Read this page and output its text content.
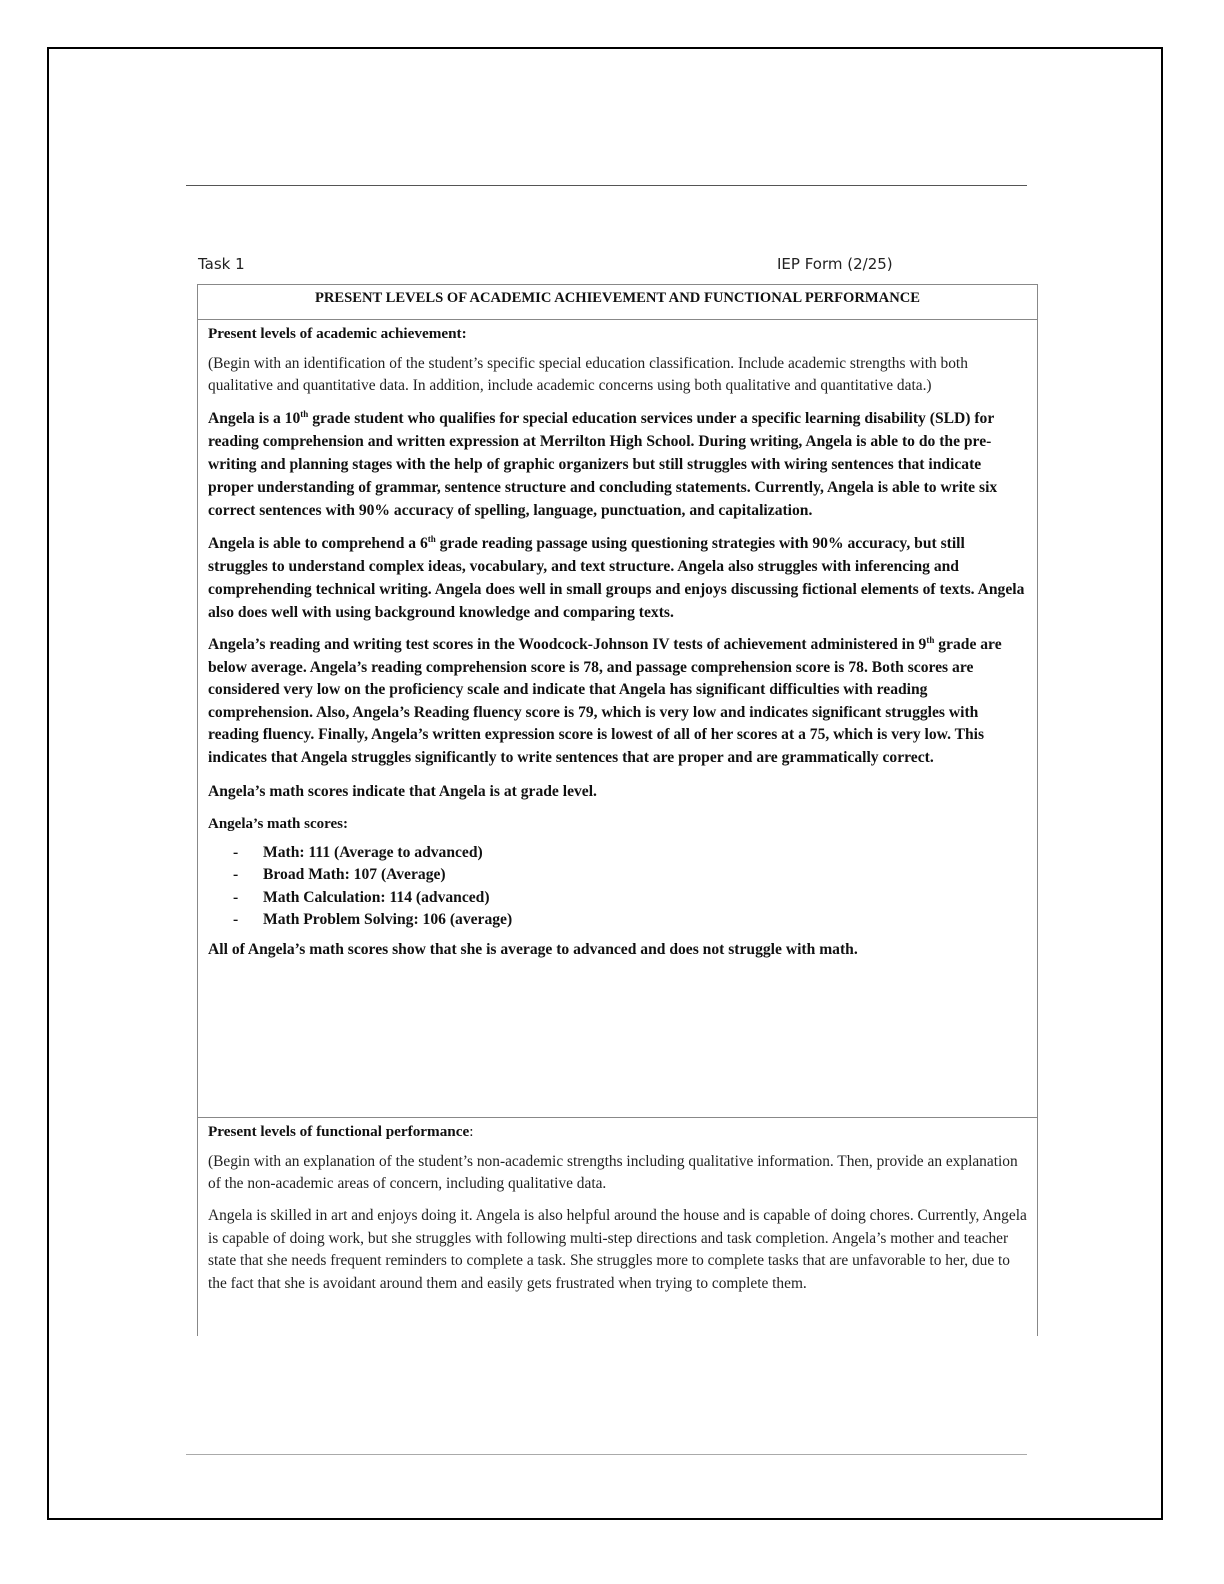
Task 1	IEP Form (2/25)
PRESENT LEVELS OF ACADEMIC ACHIEVEMENT AND FUNCTIONAL PERFORMANCE
Present levels of academic achievement:

(Begin with an identification of the student’s specific special education classification. Include academic strengths with both qualitative and quantitative data. In addition, include academic concerns using both qualitative and quantitative data.)

Angela is a 10th grade student who qualifies for special education services under a specific learning disability (SLD) for reading comprehension and written expression at Merrilton High School. During writing, Angela is able to do the pre-writing and planning stages with the help of graphic organizers but still struggles with wiring sentences that indicate proper understanding of grammar, sentence structure and concluding statements. Currently, Angela is able to write six correct sentences with 90% accuracy of spelling, language, punctuation, and capitalization.

Angela is able to comprehend a 6th grade reading passage using questioning strategies with 90% accuracy, but still struggles to understand complex ideas, vocabulary, and text structure. Angela also struggles with inferencing and comprehending technical writing. Angela does well in small groups and enjoys discussing fictional elements of texts. Angela also does well with using background knowledge and comparing texts.

Angela’s reading and writing test scores in the Woodcock-Johnson IV tests of achievement administered in 9th grade are below average. Angela’s reading comprehension score is 78, and passage comprehension score is 78. Both scores are considered very low on the proficiency scale and indicate that Angela has significant difficulties with reading comprehension. Also, Angela’s Reading fluency score is 79, which is very low and indicates significant struggles with reading fluency. Finally, Angela’s written expression score is lowest of all of her scores at a 75, which is very low. This indicates that Angela struggles significantly to write sentences that are proper and are grammatically correct.

Angela’s math scores indicate that Angela is at grade level.

Angela’s math scores:

-	Math: 111 (Average to advanced)
-	Broad Math: 107 (Average)
-	Math Calculation: 114 (advanced)
-	Math Problem Solving: 106 (average)

All of Angela’s math scores show that she is average to advanced and does not struggle with math.

Present levels of functional performance:

(Begin with an explanation of the student’s non-academic strengths including qualitative information. Then, provide an explanation of the non-academic areas of concern, including qualitative data.

Angela is skilled in art and enjoys doing it. Angela is also helpful around the house and is capable of doing chores. Currently, Angela is capable of doing work, but she struggles with following multi-step directions and task completion. Angela’s mother and teacher state that she needs frequent reminders to complete a task. She struggles more to complete tasks that are unfavorable to her, due to the fact that she is avoidant around them and easily gets frustrated when trying to complete them.
